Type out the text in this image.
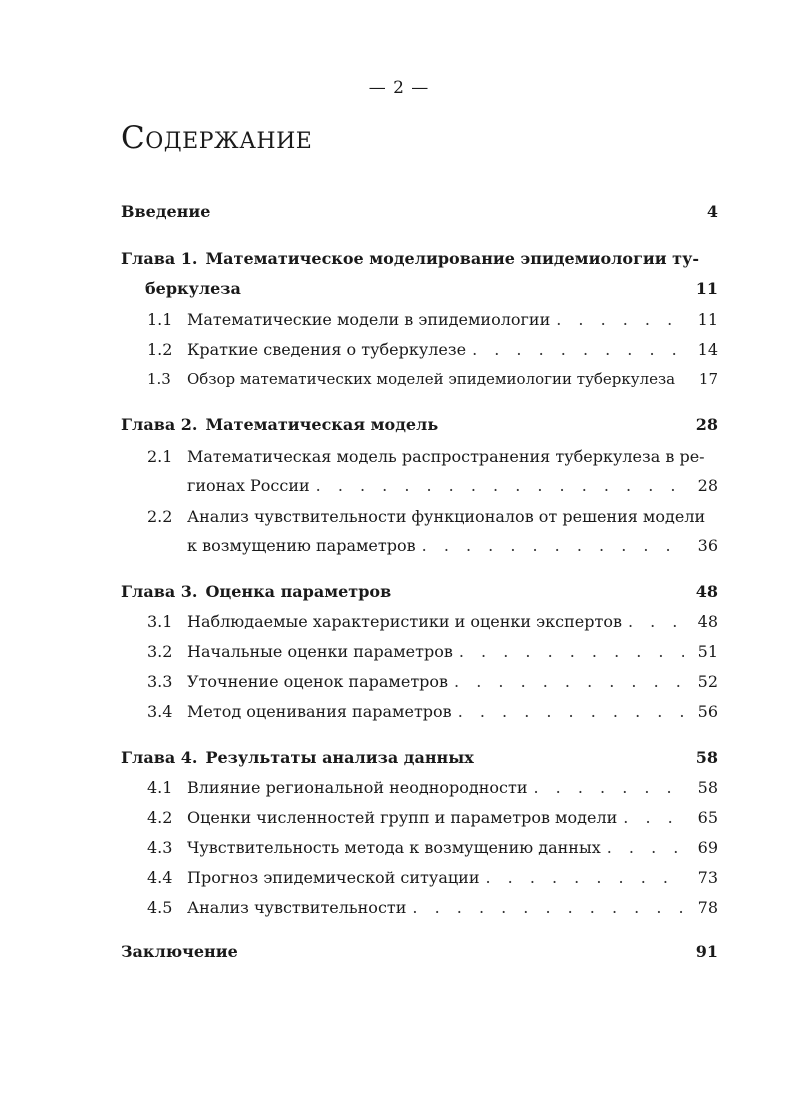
— 2 —
Содержание
Введение	4
Глава 1. Математическое моделирование эпидемиологии ту-
беркулеза	11
1.1 Математические модели в эпидемиологии . . .	11
1.2 Краткие сведения о туберкулезе . . .	14
1.3	Обзор математических моделей эпидемиологии туберкулеза	17
Глава 2. Математическая модель	28
2.1 Математическая модель распространения туберкулеза в ре-
гионах России . . .	28
2.2 Анализ чувствительности функционалов от решения модели
к возмущению параметров . . .	36
Глава 3. Оценка параметров	48
3.1 Наблюдаемые характеристики и оценки экспертов . . .	48
3.2 Начальные оценки параметров . . .	51
3.3 Уточнение оценок параметров . . .	52
3.4 Метод оценивания параметров . . .	56
Глава 4. Результаты анализа данных	58
4.1 Влияние региональной неоднородности . . .	58
4.2 Оценки численностей групп и параметров модели . . .	65
4.3 Чувствительность метода к возмущению данных . . .	69
4.4 Прогноз эпидемической ситуации . . .	73
4.5 Анализ чувствительности . . .	78
Заключение	91
